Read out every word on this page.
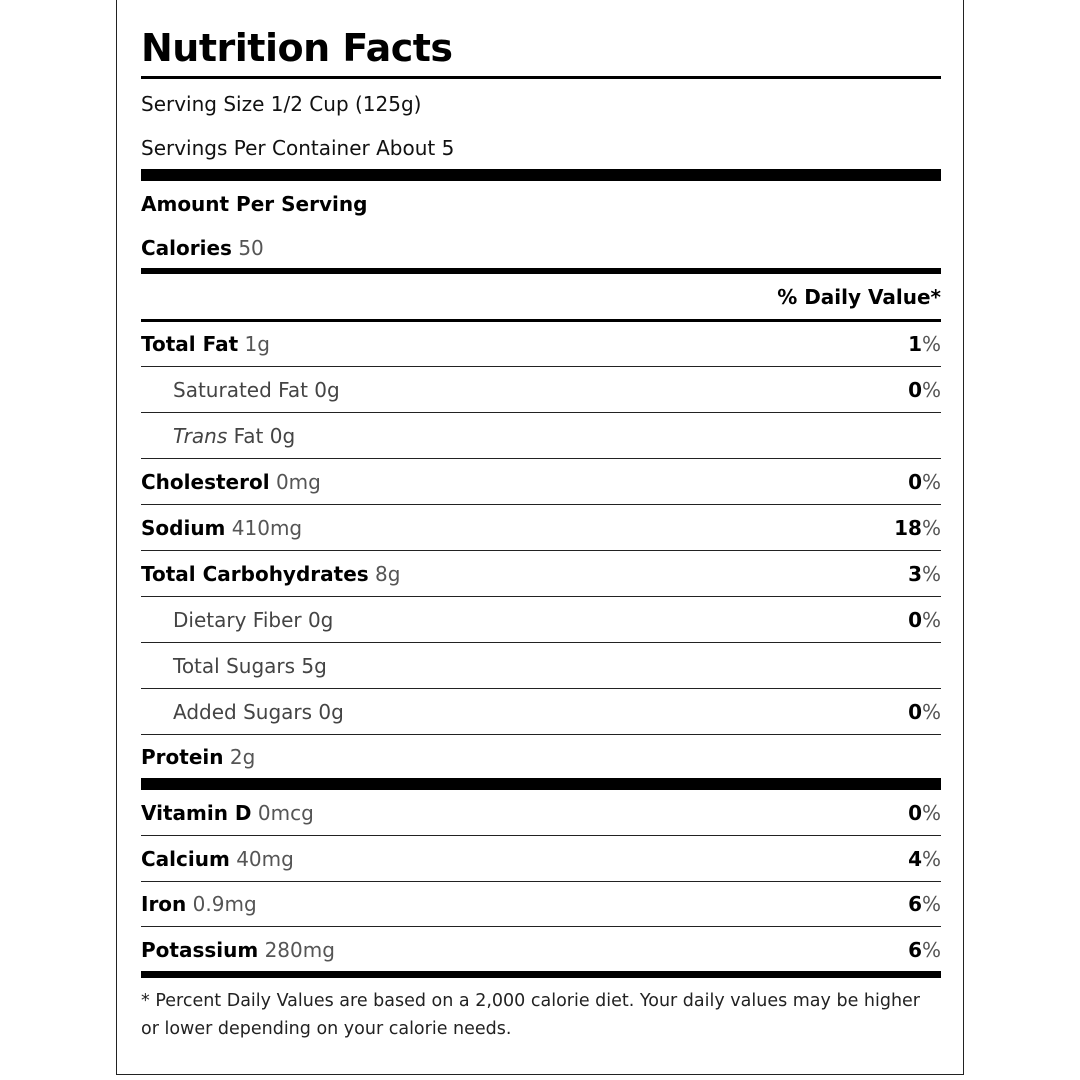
Nutrition Facts
Serving Size 1/2 Cup (125g)
Servings Per Container About 5
Amount Per Serving
Calories 50
% Daily Value*
Total Fat 1g	1%
Saturated Fat 0g	0%
Trans Fat 0g
Cholesterol 0mg	0%
Sodium 410mg	18%
Total Carbohydrates 8g	3%
Dietary Fiber 0g	0%
Total Sugars 5g
Added Sugars 0g	0%
Protein 2g
Vitamin D 0mcg	0%
Calcium 40mg	4%
Iron 0.9mg	6%
Potassium 280mg	6%
* Percent Daily Values are based on a 2,000 calorie diet. Your daily values may be higher or lower depending on your calorie needs.
